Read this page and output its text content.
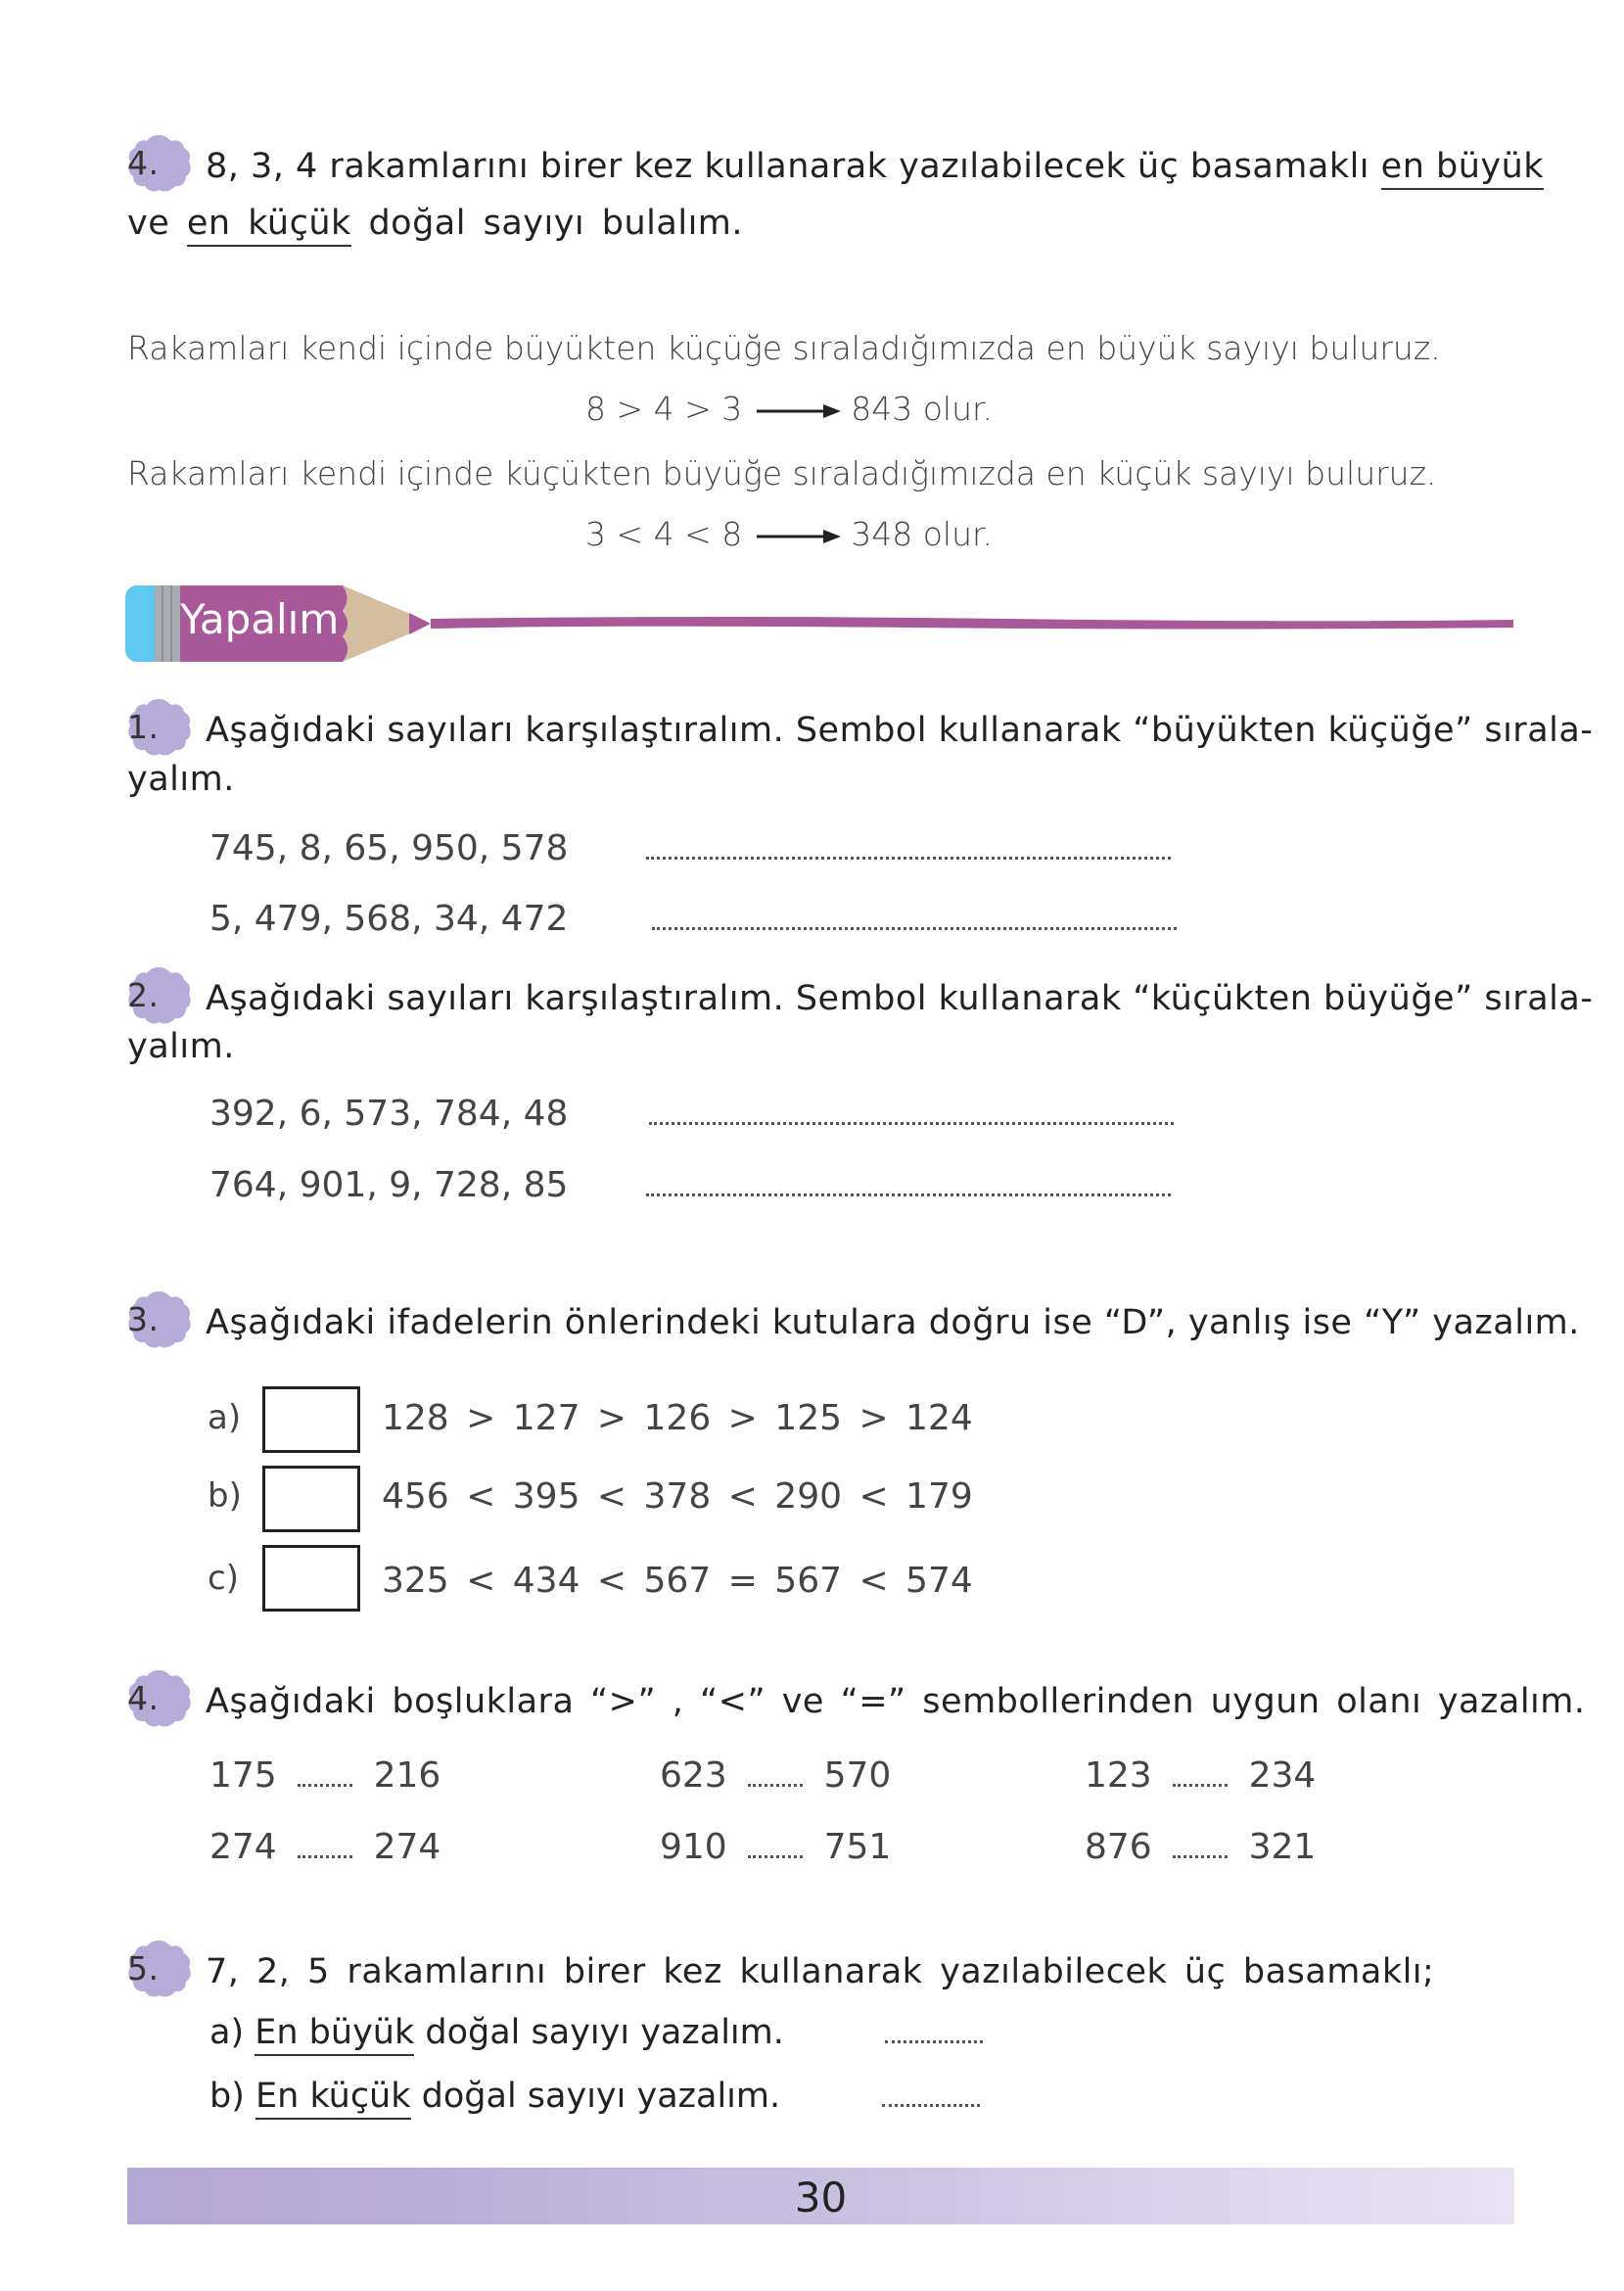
4.	8, 3, 4 rakamlarını birer kez kullanarak yazılabilecek üç basamaklı en büyük
ve en küçük doğal sayıyı bulalım.
Rakamları kendi içinde büyükten küçüğe sıraladığımızda en büyük sayıyı buluruz.
8 > 4 > 3	843 olur.
Rakamları kendi içinde küçükten büyüğe sıraladığımızda en küçük sayıyı buluruz.
3 < 4 < 8	348 olur.
Yapalım
1.	Aşağıdaki sayıları karşılaştıralım. Sembol kullanarak “büyükten küçüğe” sırala-
yalım.
745, 8, 65, 950, 578
5, 479, 568, 34, 472
2.	Aşağıdaki sayıları karşılaştıralım. Sembol kullanarak “küçükten büyüğe” sırala-
yalım.
392, 6, 573, 784, 48
764, 901, 9, 728, 85
3.	Aşağıdaki ifadelerin önlerindeki kutulara doğru ise “D”, yanlış ise “Y” yazalım.
a)	128 > 127 > 126 > 125 > 124
b)	456 < 395 < 378 < 290 < 179
c)	325 < 434 < 567 = 567 < 574
4.	Aşağıdaki boşluklara “>” , “<” ve “=” sembollerinden uygun olanı yazalım.
175	216	623	570	123	234
274	274	910	751	876	321
5.	7, 2, 5 rakamlarını birer kez kullanarak yazılabilecek üç basamaklı;
a) En büyük doğal sayıyı yazalım.
b) En küçük doğal sayıyı yazalım.
30
